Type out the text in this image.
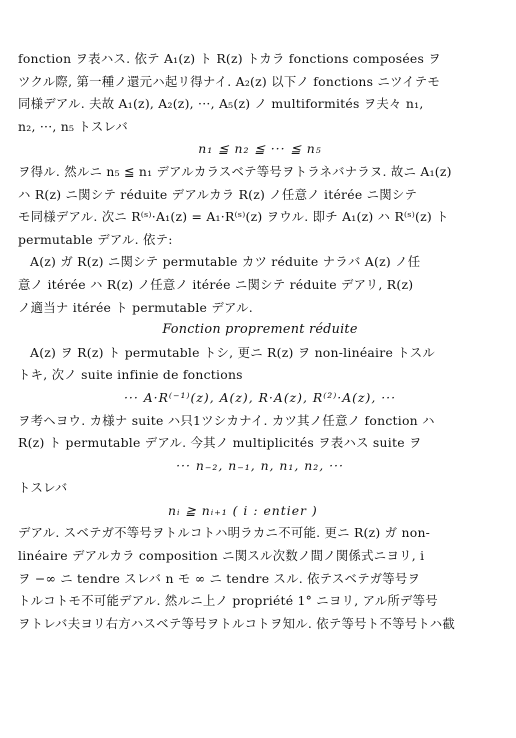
fonction ヲ表ハス. 依テ A₁(z) ト R(z) トカラ fonctions composées ヲ
ツクル際, 第一種ノ還元ハ起リ得ナイ. A₂(z) 以下ノ fonctions ニツイテモ
同様デアル. 夫故 A₁(z), A₂(z), ···, A₅(z) ノ multiformités ヲ夫々 n₁,
n₂, ···, n₅ トスレバ
n₁ ≦ n₂ ≦ ··· ≦ n₅
ヲ得ル. 然ルニ n₅ ≦ n₁ デアルカラスベテ等号ヲトラネバナラヌ. 故ニ A₁(z)
ハ R(z) ニ関シテ réduite デアルカラ R(z) ノ任意ノ itérée ニ関シテ
モ同様デアル. 次ニ R⁽ˢ⁾·A₁(z) = A₁·R⁽ˢ⁾(z) ヲウル. 即チ A₁(z) ハ R⁽ˢ⁾(z) ト
permutable デアル. 依テ:
A(z) ガ R(z) ニ関シテ permutable カツ réduite ナラバ A(z) ノ任
意ノ itérée ハ R(z) ノ任意ノ itérée ニ関シテ réduite デアリ, R(z)
ノ適当ナ itérée ト permutable デアル.
Fonction proprement réduite
A(z) ヲ R(z) ト permutable トシ, 更ニ R(z) ヲ non-linéaire トスル
トキ, 次ノ suite infinie de fonctions
··· A·R⁽⁻¹⁾(z), A(z), R·A(z), R⁽²⁾·A(z), ···
ヲ考ヘヨウ. カ様ナ suite ハ只1ツシカナイ. カツ其ノ任意ノ fonction ハ
R(z) ト permutable デアル. 今其ノ multiplicités ヲ表ハス suite ヲ
··· n₋₂, n₋₁, n, n₁, n₂, ···
トスレバ
nᵢ ≧ nᵢ₊₁ ( i : entier )
デアル. スベテガ不等号ヲトルコトハ明ラカニ不可能. 更ニ R(z) ガ non-
linéaire デアルカラ composition ニ関スル次数ノ間ノ関係式ニヨリ, i
ヲ −∞ ニ tendre スレバ n モ ∞ ニ tendre スル. 依テスベテガ等号ヲ
トルコトモ不可能デアル. 然ルニ上ノ propriété 1° ニヨリ, アル所デ等号
ヲトレバ夫ヨリ右方ハスベテ等号ヲトルコトヲ知ル. 依テ等号ト不等号トハ截
